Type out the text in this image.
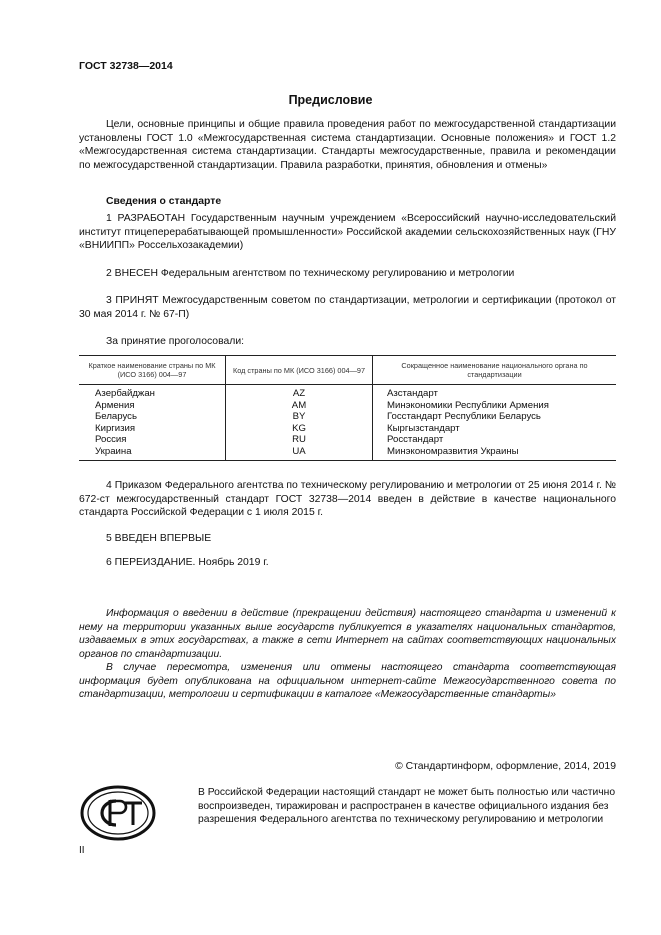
ГОСТ 32738—2014
Предисловие
Цели, основные принципы и общие правила проведения работ по межгосударственной стандартизации установлены ГОСТ 1.0 «Межгосударственная система стандартизации. Основные положения» и ГОСТ 1.2 «Межгосударственная система стандартизации. Стандарты межгосударственные, правила и рекомендации по межгосударственной стандартизации. Правила разработки, принятия, обновления и отмены»
Сведения о стандарте
1 РАЗРАБОТАН Государственным научным учреждением «Всероссийский научно-исследовательский институт птицеперерабатывающей промышленности» Российской академии сельскохозяйственных наук (ГНУ «ВНИИПП» Россельхозакадемии)
2 ВНЕСЕН Федеральным агентством по техническому регулированию и метрологии
3 ПРИНЯТ Межгосударственным советом по стандартизации, метрологии и сертификации (протокол от 30 мая 2014 г. № 67-П)
За принятие проголосовали:
Краткое наименование страны по МК (ИСО 3166) 004—97	Код страны по МК (ИСО 3166) 004—97	Сокращенное наименование национального органа по стандартизации
Азербайджан	AZ	Азстандарт
Армения	AM	Минэкономики Республики Армения
Беларусь	BY	Госстандарт Республики Беларусь
Киргизия	KG	Кыргызстандарт
Россия	RU	Росстандарт
Украина	UA	Минэкономразвития Украины
4 Приказом Федерального агентства по техническому регулированию и метрологии от 25 июня 2014 г. № 672-ст межгосударственный стандарт ГОСТ 32738—2014 введен в действие в качестве национального стандарта Российской Федерации с 1 июля 2015 г.
5 ВВЕДЕН ВПЕРВЫЕ
6 ПЕРЕИЗДАНИЕ. Ноябрь 2019 г.
Информация о введении в действие (прекращении действия) настоящего стандарта и изменений к нему на территории указанных выше государств публикуется в указателях национальных стандартов, издаваемых в этих государствах, а также в сети Интернет на сайтах соответствующих национальных органов по стандартизации.
В случае пересмотра, изменения или отмены настоящего стандарта соответствующая информация будет опубликована на официальном интернет-сайте Межгосударственного совета по стандартизации, метрологии и сертификации в каталоге «Межгосударственные стандарты»
© Стандартинформ, оформление, 2014, 2019
В Российской Федерации настоящий стандарт не может быть полностью или частично воспроизведен, тиражирован и распространен в качестве официального издания без разрешения Федерального агентства по техническому регулированию и метрологии
II
